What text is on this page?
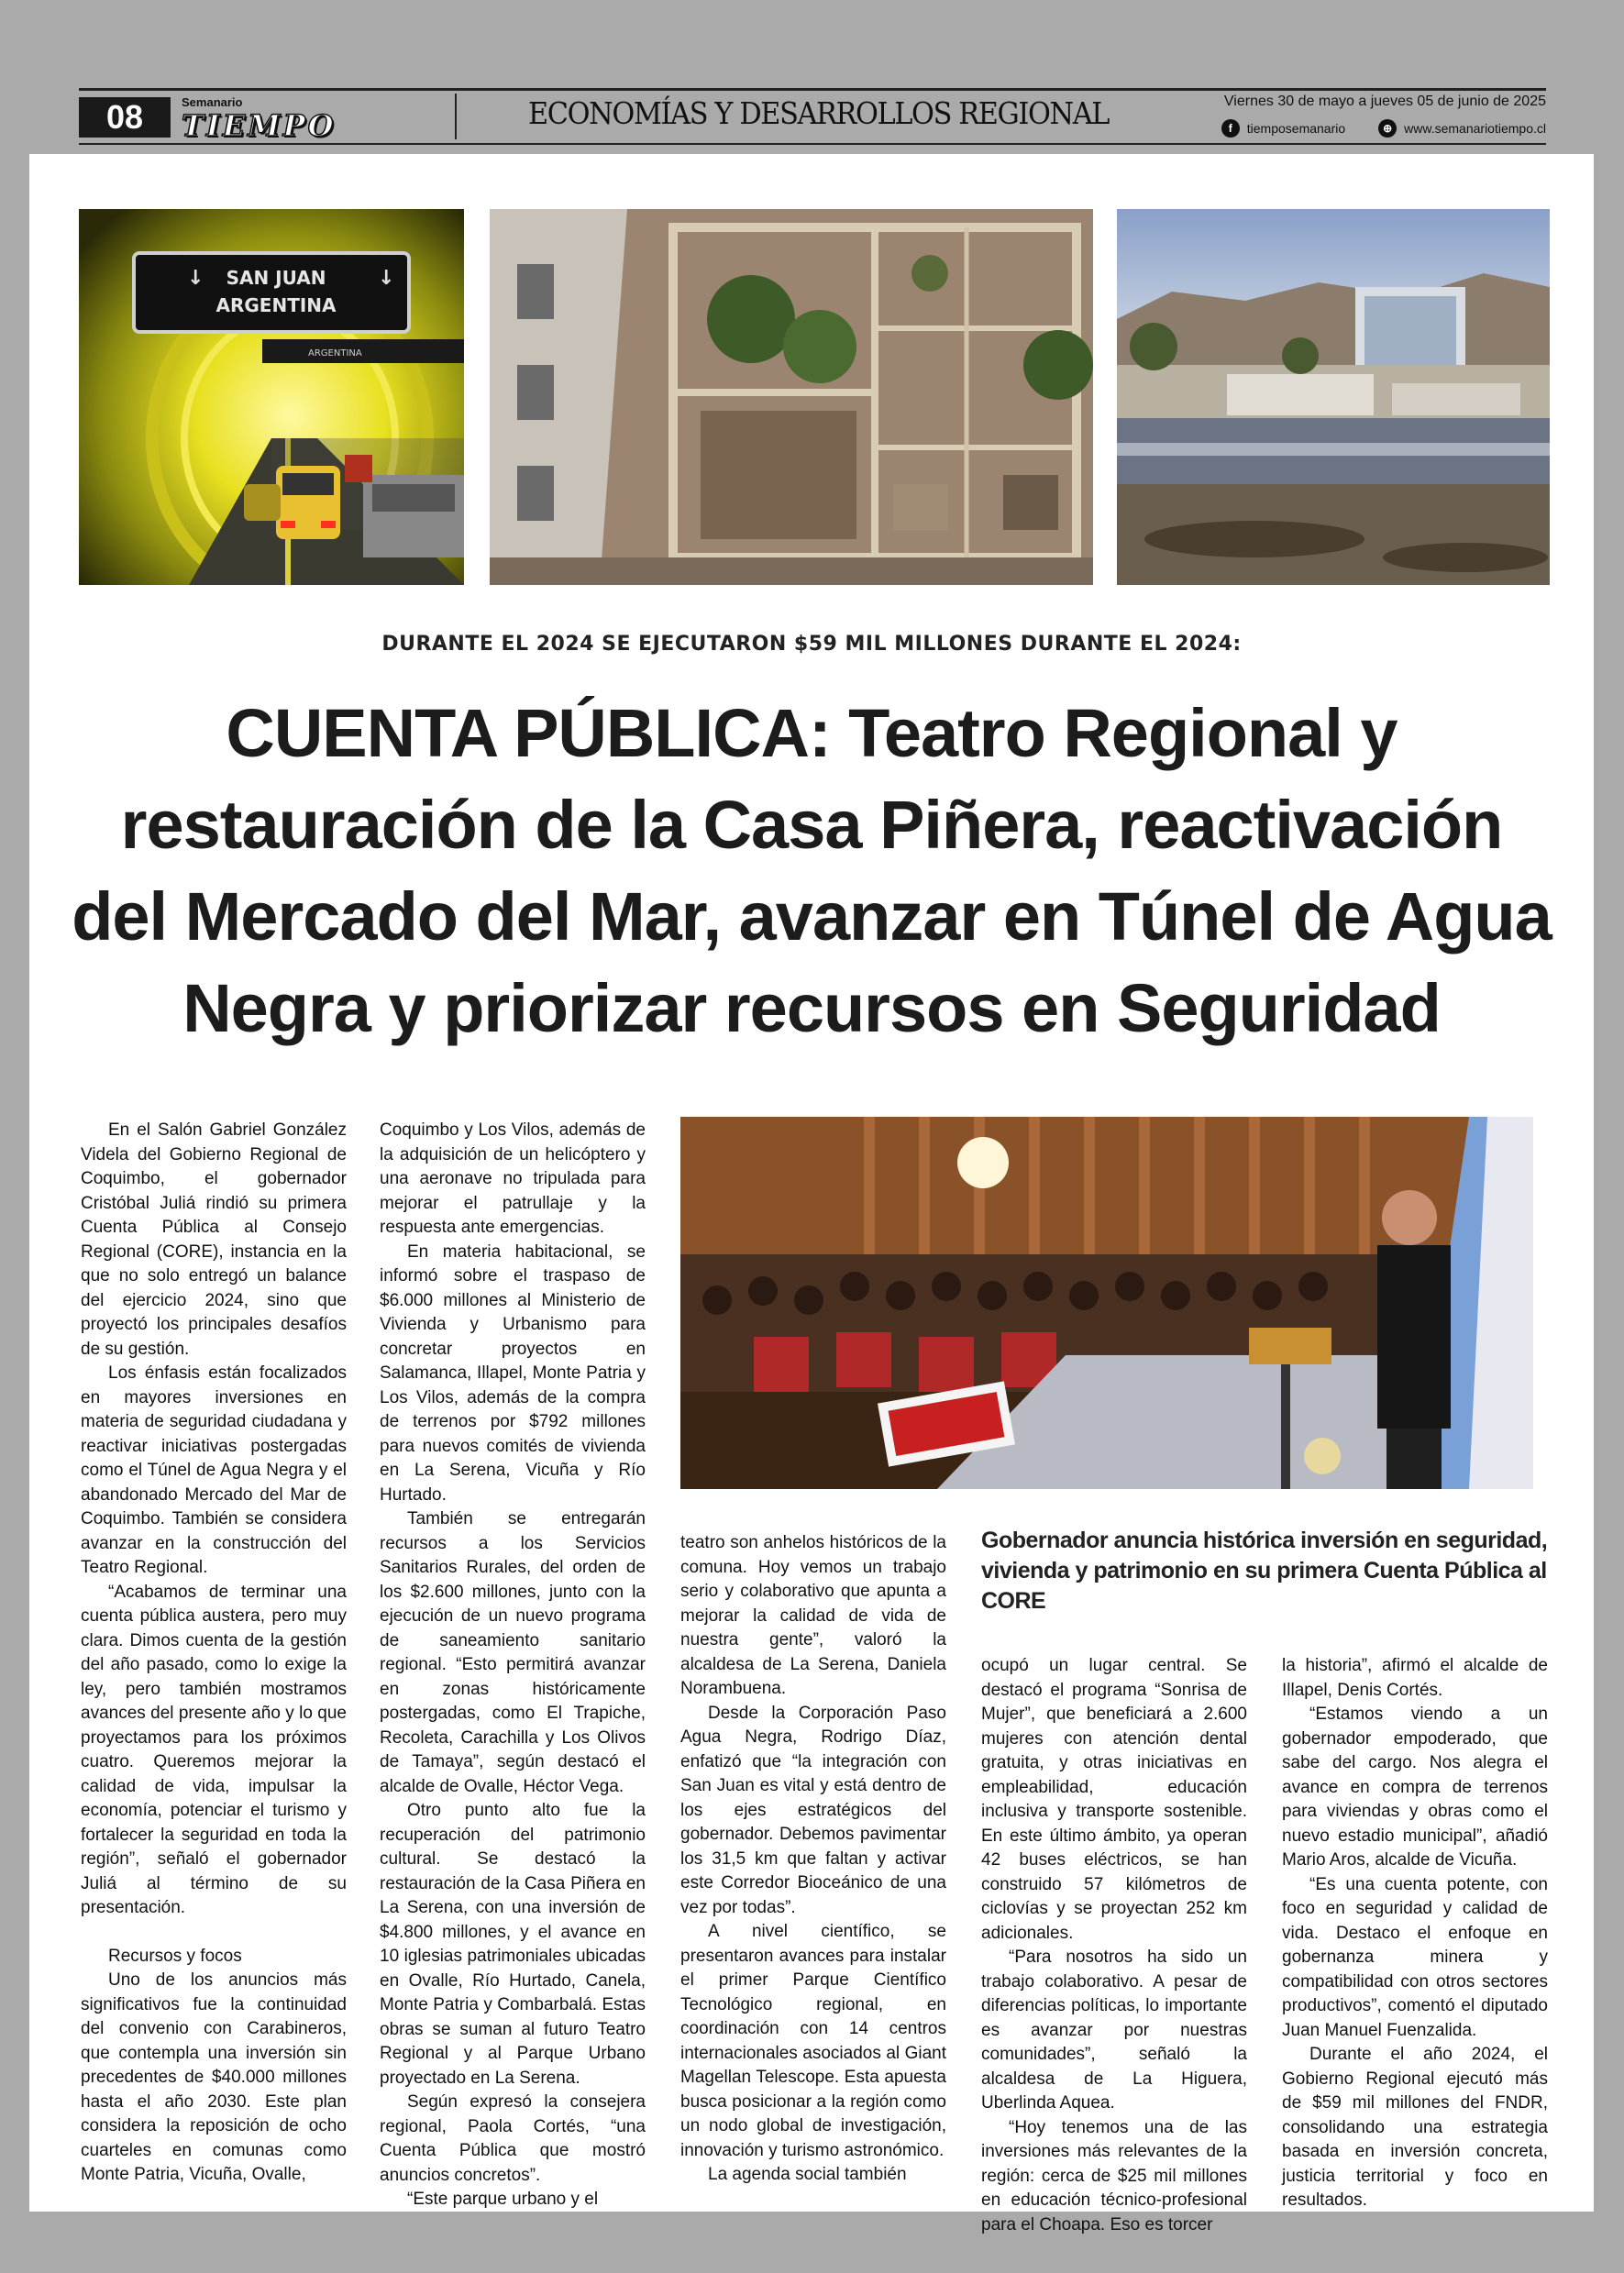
08	Semanario
TIEMPO	ECONOMÍAS Y DESARROLLOS REGIONAL	Viernes 30 de mayo a jueves 05 de junio de 2025
f	tiemposemanario	⊕ www.semanariotiempo.cl
↓	↓
SAN JUAN
ARGENTINA
ARGENTINA
DURANTE EL 2024 SE EJECUTARON $59 MIL MILLONES DURANTE EL 2024:
CUENTA PÚBLICA: Teatro Regional y restauración de la Casa Piñera, reactivación del Mercado del Mar, avanzar en Túnel de Agua Negra y priorizar recursos en Seguridad

En el Salón Gabriel González Videla del Gobierno Regional de Coquimbo, el gobernador Cristóbal Juliá rindió su primera Cuenta Pública al Consejo Regional (CORE), instancia en la que no solo entregó un balance del ejercicio 2024, sino que proyectó los principales desafíos de su gestión.

Los énfasis están focalizados en mayores inversiones en materia de seguridad ciudadana y reactivar iniciativas postergadas como el Túnel de Agua Negra y el abandonado Mercado del Mar de Coquimbo. También se considera avanzar en la construcción del Teatro Regional.

“Acabamos de terminar una cuenta pública austera, pero muy clara. Dimos cuenta de la gestión del año pasado, como lo exige la ley, pero también mostramos avances del presente año y lo que proyectamos para los próximos cuatro. Queremos mejorar la calidad de vida, impulsar la economía, potenciar el turismo y fortalecer la seguridad en toda la región”, señaló el gobernador Juliá al término de su presentación.

Recursos y focos

Uno de los anuncios más significativos fue la continuidad del convenio con Carabineros, que contempla una inversión sin precedentes de $40.000 millones hasta el año 2030. Este plan considera la reposición de ocho cuarteles en comunas como Monte Patria, Vicuña, Ovalle,

Coquimbo y Los Vilos, además de la adquisición de un helicóptero y una aeronave no tripulada para mejorar el patrullaje y la respuesta ante emergencias.

En materia habitacional, se informó sobre el traspaso de $6.000 millones al Ministerio de Vivienda y Urbanismo para concretar proyectos en Salamanca, Illapel, Monte Patria y Los Vilos, además de la compra de terrenos por $792 millones para nuevos comités de vivienda en La Serena, Vicuña y Río Hurtado.

También se entregarán recursos a los Servicios Sanitarios Rurales, del orden de los $2.600 millones, junto con la ejecución de un nuevo programa de saneamiento sanitario regional. “Esto permitirá avanzar en zonas históricamente postergadas, como El Trapiche, Recoleta, Carachilla y Los Olivos de Tamaya”, según destacó el alcalde de Ovalle, Héctor Vega.

Otro punto alto fue la recuperación del patrimonio cultural. Se destacó la restauración de la Casa Piñera en La Serena, con una inversión de $4.800 millones, y el avance en 10 iglesias patrimoniales ubicadas en Ovalle, Río Hurtado, Canela, Monte Patria y Combarbalá. Estas obras se suman al futuro Teatro Regional y al Parque Urbano proyectado en La Serena.

Según expresó la consejera regional, Paola Cortés, “una Cuenta Pública que mostró anuncios concretos”.

“Este parque urbano y el

teatro son anhelos históricos de la comuna. Hoy vemos un trabajo serio y colaborativo que apunta a mejorar la calidad de vida de nuestra gente”, valoró la alcaldesa de La Serena, Daniela Norambuena.

Desde la Corporación Paso Agua Negra, Rodrigo Díaz, enfatizó que “la integración con San Juan es vital y está dentro de los ejes estratégicos del gobernador. Debemos pavimentar los 31,5 km que faltan y activar este Corredor Bioceánico de una vez por todas”.

A nivel científico, se presentaron avances para instalar el primer Parque Científico Tecnológico regional, en coordinación con 14 centros internacionales asociados al Giant Magellan Telescope. Esta apuesta busca posicionar a la región como un nodo global de investigación, innovación y turismo astronómico.

La agenda social también

Gobernador anuncia histórica inversión en seguridad, vivienda y patrimonio en su primera Cuenta Pública al CORE

ocupó un lugar central. Se destacó el programa “Sonrisa de Mujer”, que beneficiará a 2.600 mujeres con atención dental gratuita, y otras iniciativas en empleabilidad, educación inclusiva y transporte sostenible. En este último ámbito, ya operan 42 buses eléctricos, se han construido 57 kilómetros de ciclovías y se proyectan 252 km adicionales.

“Para nosotros ha sido un trabajo colaborativo. A pesar de diferencias políticas, lo importante es avanzar por nuestras comunidades”, señaló la alcaldesa de La Higuera, Uberlinda Aquea.

“Hoy tenemos una de las inversiones más relevantes de la región: cerca de $25 mil millones en educación técnico-profesional para el Choapa. Eso es torcer

la historia”, afirmó el alcalde de Illapel, Denis Cortés.

“Estamos viendo a un gobernador empoderado, que sabe del cargo. Nos alegra el avance en compra de terrenos para viviendas y obras como el nuevo estadio municipal”, añadió Mario Aros, alcalde de Vicuña.

“Es una cuenta potente, con foco en seguridad y calidad de vida. Destaco el enfoque en gobernanza minera y compatibilidad con otros sectores productivos”, comentó el diputado Juan Manuel Fuenzalida.

Durante el año 2024, el Gobierno Regional ejecutó más de $59 mil millones del FNDR, consolidando una estrategia basada en inversión concreta, justicia territorial y foco en resultados.
